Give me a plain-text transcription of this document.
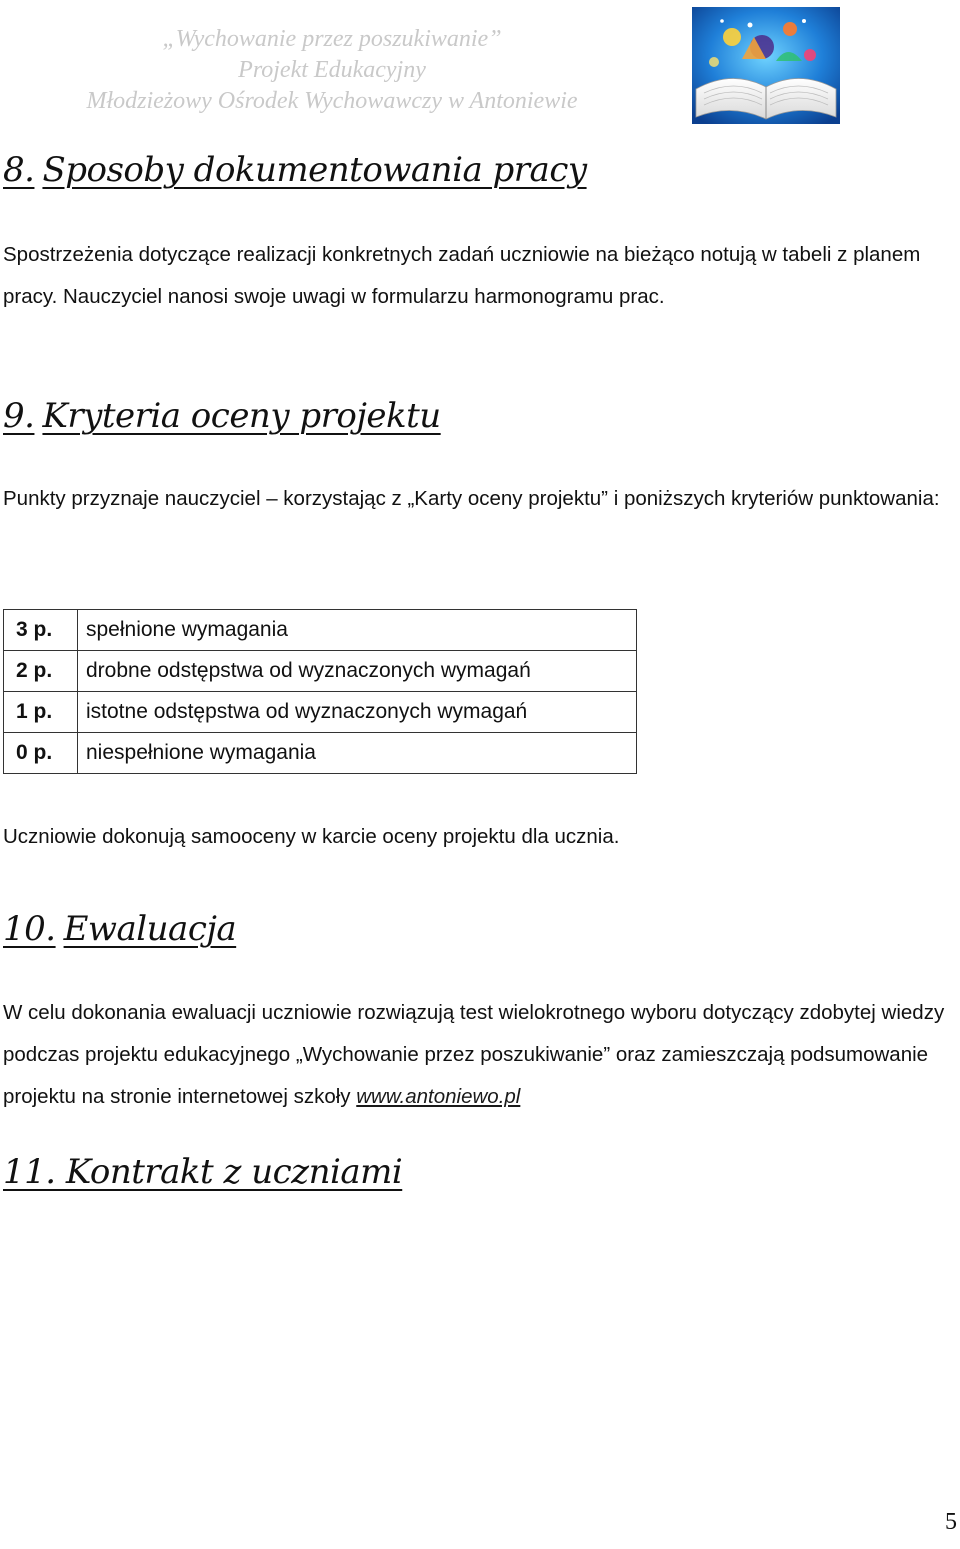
„Wychowanie przez poszukiwanie”
Projekt Edukacyjny
Młodzieżowy Ośrodek Wychowawczy w Antoniewie
8. Sposoby dokumentowania pracy

Spostrzeżenia dotyczące realizacji konkretnych zadań uczniowie na bieżąco notują w tabeli z planem pracy. Nauczyciel nanosi swoje uwagi w formularzu harmonogramu prac.

9. Kryteria oceny projektu

Punkty przyznaje nauczyciel – korzystając z „Karty oceny projektu” i poniższych kryteriów punktowania:

3 p.	spełnione wymagania
2 p.	drobne odstępstwa od wyznaczonych wymagań
1 p.	istotne odstępstwa od wyznaczonych wymagań
0 p.	niespełnione wymagania

Uczniowie dokonują samooceny w karcie oceny projektu dla ucznia.

10. Ewaluacja

W celu dokonania ewaluacji uczniowie rozwiązują test wielokrotnego wyboru dotyczący zdobytej wiedzy podczas projektu edukacyjnego „Wychowanie przez poszukiwanie” oraz zamieszczają podsumowanie projektu na stronie internetowej szkoły www.antoniewo.pl

11. Kontrakt z uczniami
5
